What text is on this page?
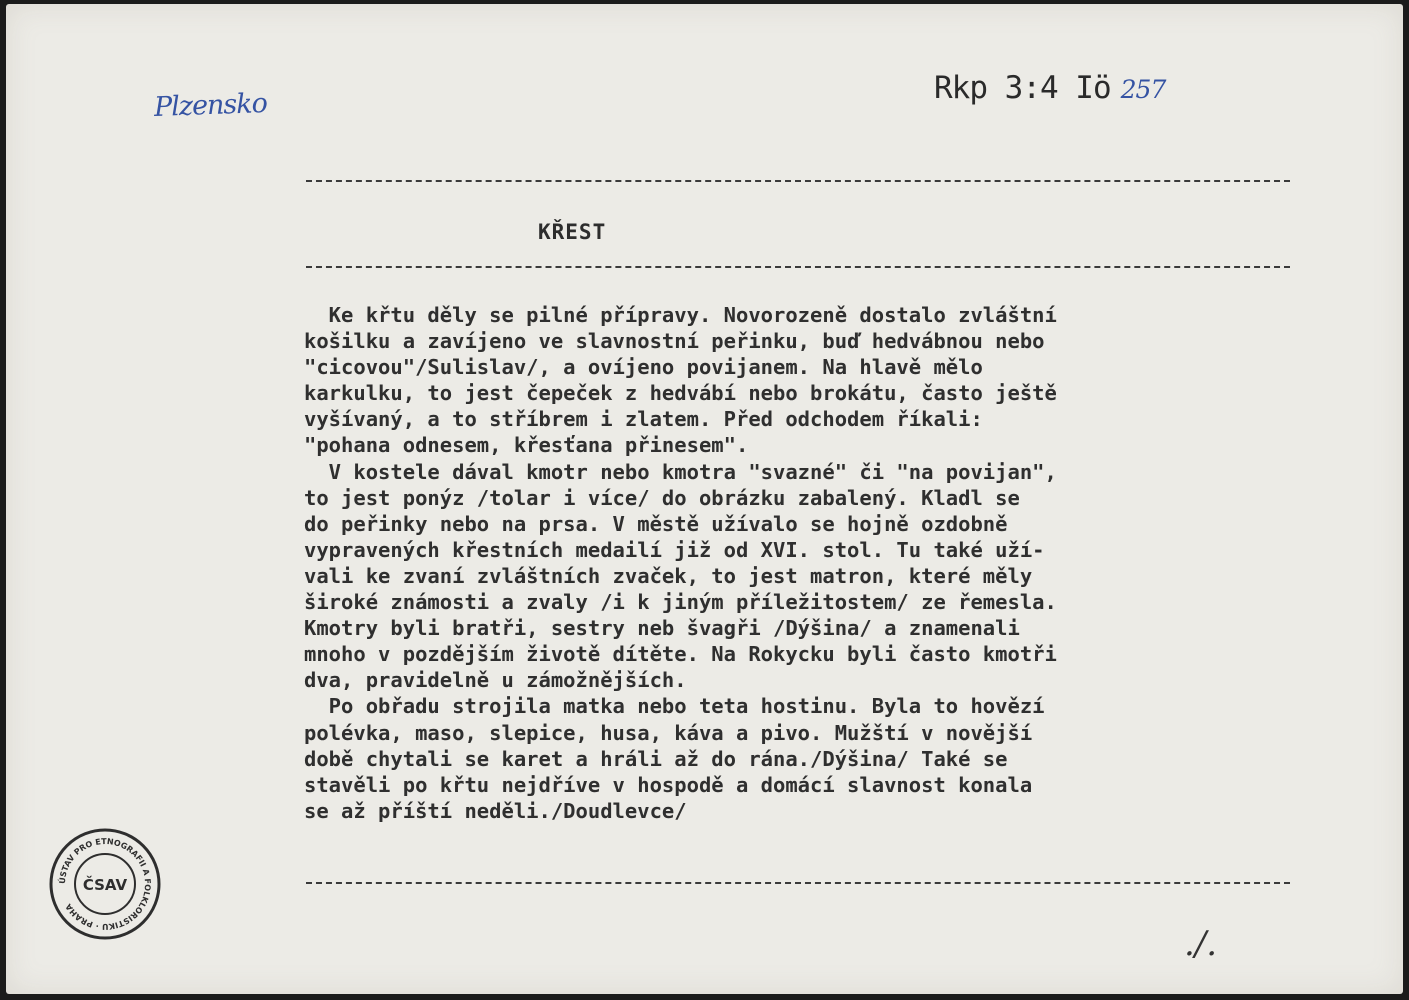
Plzensko	Rkp 3:4 Iö 257
KŘEST
Ke křtu děly se pilné přípravy. Novorozeně dostalo zvláštní
košilku a zavíjeno ve slavnostní peřinku, buď hedvábnou nebo
"cicovou"/Sulislav/, a ovíjeno povijanem. Na hlavě mělo
karkulku, to jest čepeček z hedvábí nebo brokátu, často ještě
vyšívaný, a to stříbrem i zlatem. Před odchodem říkali:
"pohana odnesem, křesťana přinesem".
V kostele dával kmotr nebo kmotra "svazné" či "na povijan",
to jest ponýz /tolar i více/ do obrázku zabalený. Kladl se
do peřinky nebo na prsa. V městě užívalo se hojně ozdobně
vypravených křestních medailí již od XVI. stol. Tu také uží-
vali ke zvaní zvláštních zvaček, to jest matron, které měly
široké známosti a zvaly /i k jiným příležitostem/ ze řemesla.
Kmotry byli bratři, sestry neb švagři /Dýšina/ a znamenali
mnoho v pozdějším životě dítěte. Na Rokycku byli často kmotři
dva, pravidelně u zámožnějších.
Po obřadu strojila matka nebo teta hostinu. Byla to hovězí
polévka, maso, slepice, husa, káva a pivo. Mužští v novější
době chytali se karet a hráli až do rána./Dýšina/ Také se
stavěli po křtu nejdříve v hospodě a domácí slavnost konala
se až příští neděli./Doudlevce/
ÚSTAV PRO ETNOGRAFII A FOLKLORISTIKU · PRAHA
ČSAV
./.
